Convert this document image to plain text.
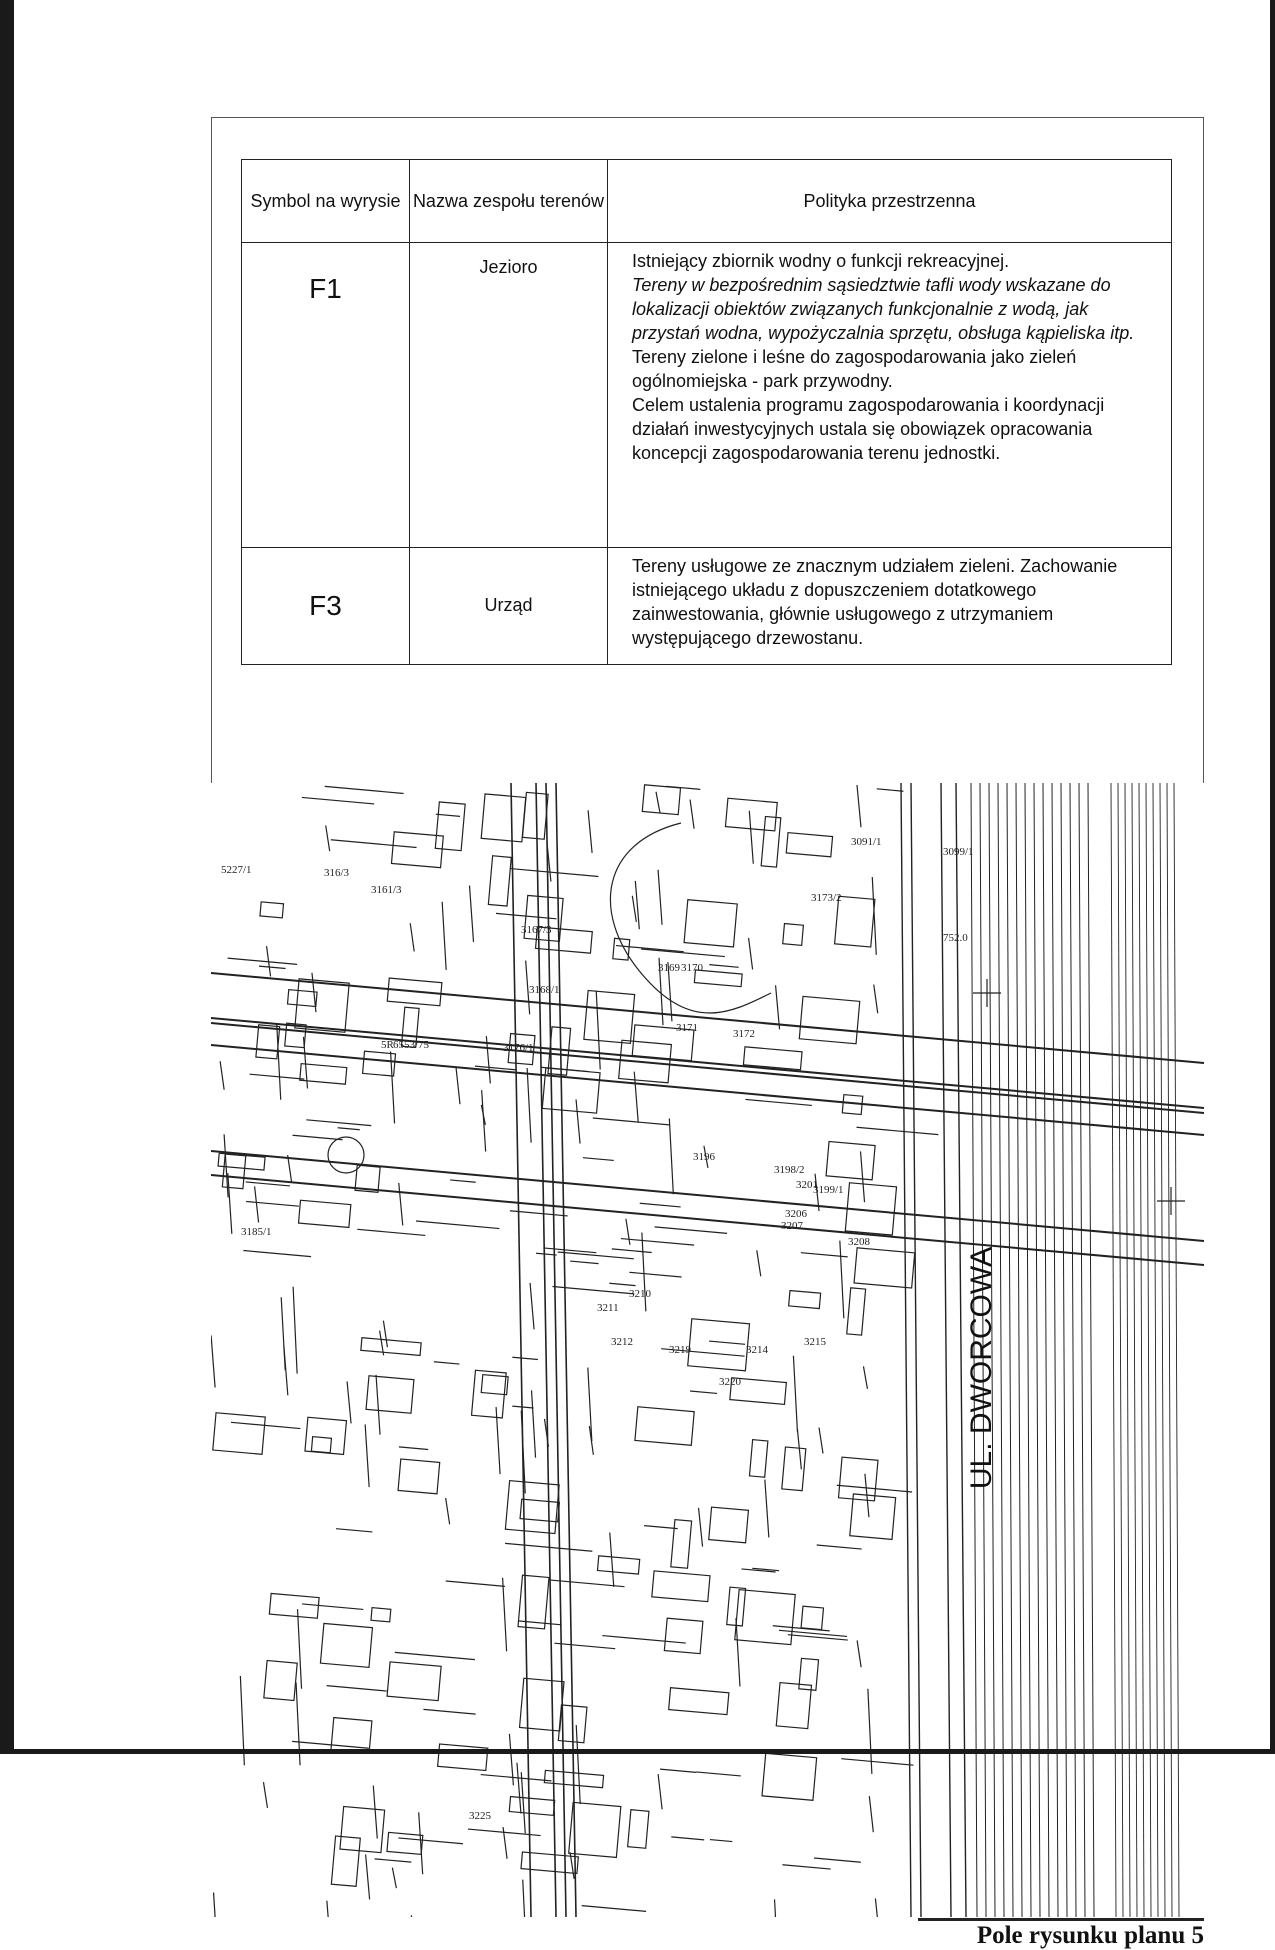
Symbol na wyrysie	Nazwa zespołu terenów	Polityka przestrzenna
F1	Jezioro	Istniejący zbiornik wodny o funkcji rekreacyjnej.

Tereny w bezpośrednim sąsiedztwie tafli wody wskazane do lokalizacji obiektów związanych funkcjonalnie z wodą, jak przystań wodna, wypożyczalnia sprzętu, obsługa kąpieliska itp.

Tereny zielone i leśne do zagospodarowania jako zieleń ogólnomiejska - park przywodny.

Celem ustalenia programu zagospodarowania i koordynacji działań inwestycyjnych ustala się obowiązek opracowania koncepcji zagospodarowania terenu jednostki.

F3	Urząd	Tereny usługowe ze znacznym udziałem zieleni. Zachowanie istniejącego układu z dopuszczeniem dotatkowego zainwestowania, głównie usługowego z utrzymaniem występującego drzewostanu.

3201
3207
3208
3171	3172
3170
3169
3173/2
3196
3199/1
3198/2
3215
3219
3220
3225
3211
3212
3210
3214
3176/1
3185/1
3161/3
3167/3
3168/1
3206
3099/1
3091/1
752.0
6553/75
5R
5227/1	316/3
UL. DWORCOWA
Pole rysunku planu 5
